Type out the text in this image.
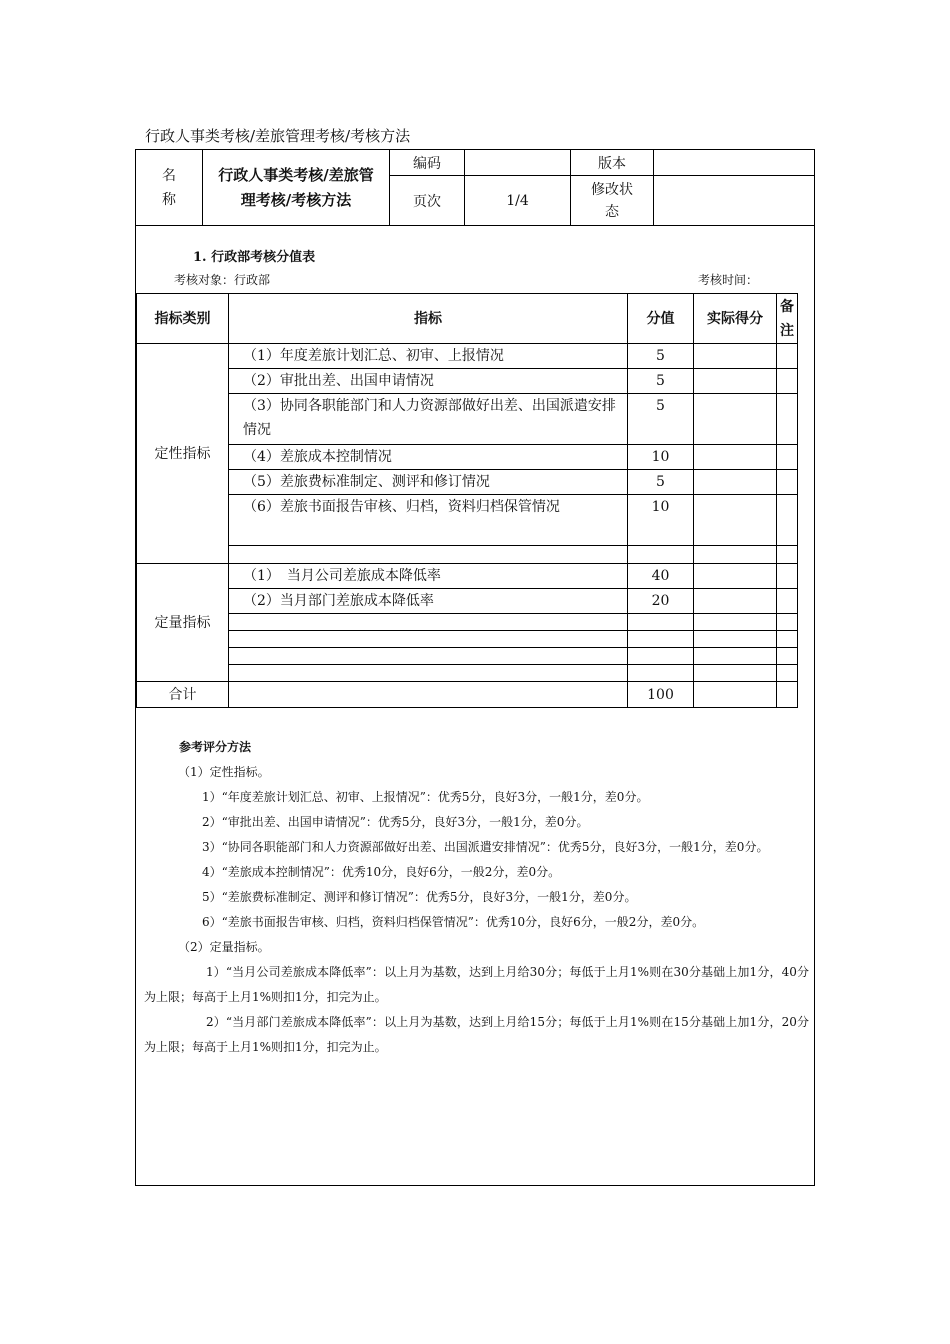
行政人事类考核/差旅管理考核/考核方法
名
称	行政人事类考核/差旅管理考核/考核方法	编码		版本	
		页次	1/4	修改状态	
1. 行政部考核分值表
考核对象：行政部	考核时间：
指标类别	指标	分值	实际得分	备注
定性指标	（1）年度差旅计划汇总、初审、上报情况	5		
	（2）审批出差、出国申请情况	5		
	（3）协同各职能部门和人力资源部做好出差、出国派遣安排情况	5		
	（4）差旅成本控制情况	10		
	（5）差旅费标准制定、测评和修订情况	5		
	（6）差旅书面报告审核、归档，资料归档保管情况	10		

定量指标	（1）　当月公司差旅成本降低率	40		
	（2）当月部门差旅成本降低率	20		

合计		100		

参考评分方法

（1）定性指标。

1）“年度差旅计划汇总、初审、上报情况”：优秀5分，良好3分，一般1分，差0分。

2）“审批出差、出国申请情况”：优秀5分，良好3分，一般1分，差0分。

3）“协同各职能部门和人力资源部做好出差、出国派遣安排情况”：优秀5分，良好3分，一般1分，差0分。

4）“差旅成本控制情况”：优秀10分，良好6分，一般2分，差0分。

5）“差旅费标准制定、测评和修订情况”：优秀5分，良好3分，一般1分，差0分。

6）“差旅书面报告审核、归档，资料归档保管情况”：优秀10分，良好6分，一般2分，差0分。

（2）定量指标。

1）“当月公司差旅成本降低率”：以上月为基数，达到上月给30分；每低于上月1%则在30分基础上加1分，40分为上限；每高于上月1%则扣1分，扣完为止。

2）“当月部门差旅成本降低率”：以上月为基数，达到上月给15分；每低于上月1%则在15分基础上加1分，20分为上限；每高于上月1%则扣1分，扣完为止。
